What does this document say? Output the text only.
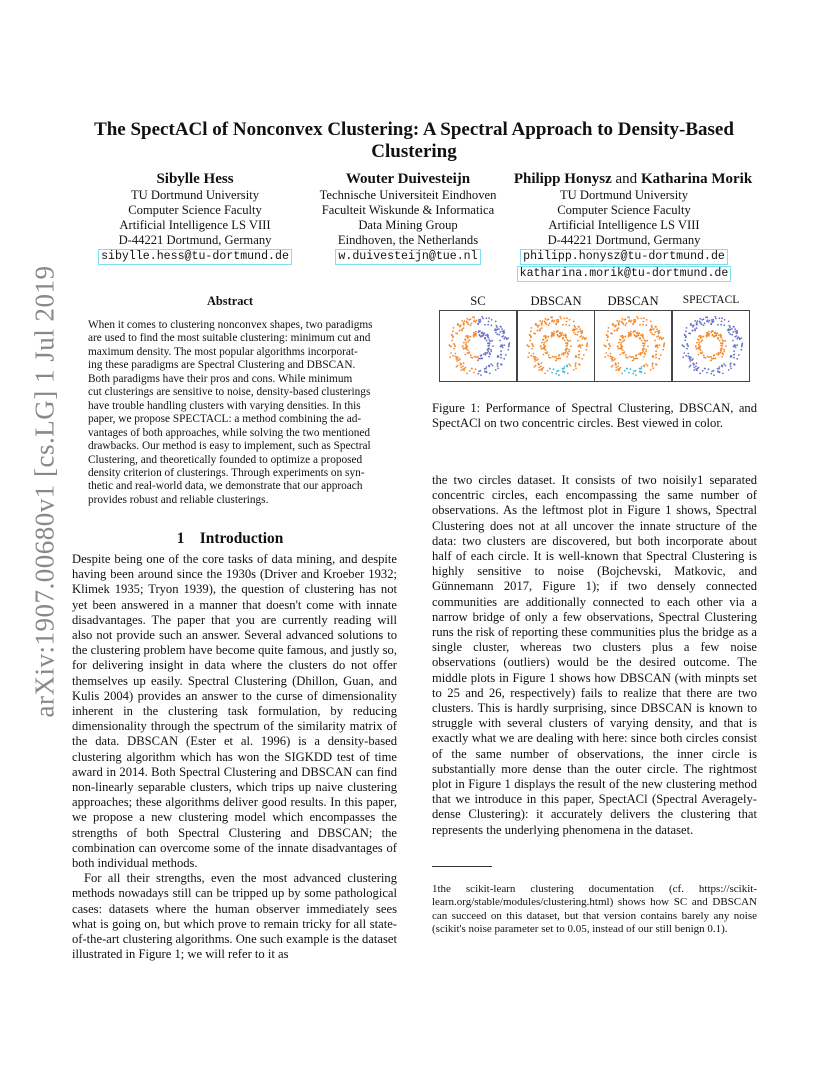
arXiv:1907.00680v1 [cs.LG] 1 Jul 2019
The SpectACl of Nonconvex Clustering: A Spectral Approach to Density-Based Clustering
Sibylle Hess
TU Dortmund University
Computer Science Faculty
Artificial Intelligence LS VIII
D-44221 Dortmund, Germany
sibylle.hess@tu-dortmund.de
Wouter Duivesteijn
Technische Universiteit Eindhoven
Faculteit Wiskunde & Informatica
Data Mining Group
Eindhoven, the Netherlands
w.duivesteijn@tue.nl
Philipp Honysz and Katharina Morik
TU Dortmund University
Computer Science Faculty
Artificial Intelligence LS VIII
D-44221 Dortmund, Germany
philipp.honysz@tu-dortmund.de
katharina.morik@tu-dortmund.de
Abstract
When it comes to clustering nonconvex shapes, two paradigms
are used to find the most suitable clustering: minimum cut and
maximum density. The most popular algorithms incorporat-
ing these paradigms are Spectral Clustering and DBSCAN.
Both paradigms have their pros and cons. While minimum
cut clusterings are sensitive to noise, density-based clusterings
have trouble handling clusters with varying densities. In this
paper, we propose SPECTACL: a method combining the ad-
vantages of both approaches, while solving the two mentioned
drawbacks. Our method is easy to implement, such as Spectral
Clustering, and theoretically founded to optimize a proposed
density criterion of clusterings. Through experiments on syn-
thetic and real-world data, we demonstrate that our approach
provides robust and reliable clusterings.
1    Introduction

Despite being one of the core tasks of data mining, and despite having been around since the 1930s (Driver and Kroeber 1932; Klimek 1935; Tryon 1939), the question of clustering has not yet been answered in a manner that doesn't come with innate disadvantages. The paper that you are currently reading will also not provide such an answer. Several advanced solutions to the clustering problem have become quite famous, and justly so, for delivering insight in data where the clusters do not offer themselves up easily. Spectral Clustering (Dhillon, Guan, and Kulis 2004) provides an answer to the curse of dimensionality inherent in the clustering task formulation, by reducing dimensionality through the spectrum of the similarity matrix of the data. DBSCAN (Ester et al. 1996) is a density-based clustering algorithm which has won the SIGKDD test of time award in 2014. Both Spectral Clustering and DBSCAN can find non-linearly separable clusters, which trips up naive clustering approaches; these algorithms deliver good results. In this paper, we propose a new clustering model which encompasses the strengths of both Spectral Clustering and DBSCAN; the combination can overcome some of the innate disadvantages of both individual methods.

For all their strengths, even the most advanced clustering methods nowadays still can be tripped up by some pathological cases: datasets where the human observer immediately sees what is going on, but which prove to remain tricky for all state-of-the-art clustering algorithms. One such example is the dataset illustrated in Figure 1; we will refer to it as

SC	DBSCAN	DBSCAN	SPECTACL
Figure 1: Performance of Spectral Clustering, DBSCAN, and SpectACl on two concentric circles. Best viewed in color.

the two circles dataset. It consists of two noisily1 separated concentric circles, each encompassing the same number of observations. As the leftmost plot in Figure 1 shows, Spectral Clustering does not at all uncover the innate structure of the data: two clusters are discovered, but both incorporate about half of each circle. It is well-known that Spectral Clustering is highly sensitive to noise (Bojchevski, Matkovic, and Günnemann 2017, Figure 1); if two densely connected communities are additionally connected to each other via a narrow bridge of only a few observations, Spectral Clustering runs the risk of reporting these communities plus the bridge as a single cluster, whereas two clusters plus a few noise observations (outliers) would be the desired outcome. The middle plots in Figure 1 shows how DBSCAN (with minpts set to 25 and 26, respectively) fails to realize that there are two clusters. This is hardly surprising, since DBSCAN is known to struggle with several clusters of varying density, and that is exactly what we are dealing with here: since both circles consist of the same number of observations, the inner circle is substantially more dense than the outer circle. The rightmost plot in Figure 1 displays the result of the new clustering method that we introduce in this paper, SpectACl (Spectral Averagely-dense Clustering): it accurately delivers the clustering that represents the underlying phenomena in the dataset.

1the scikit-learn clustering documentation (cf. https://scikit-learn.org/stable/modules/clustering.html) shows how SC and DBSCAN can succeed on this dataset, but that version contains barely any noise (scikit's noise parameter set to 0.05, instead of our still benign 0.1).
